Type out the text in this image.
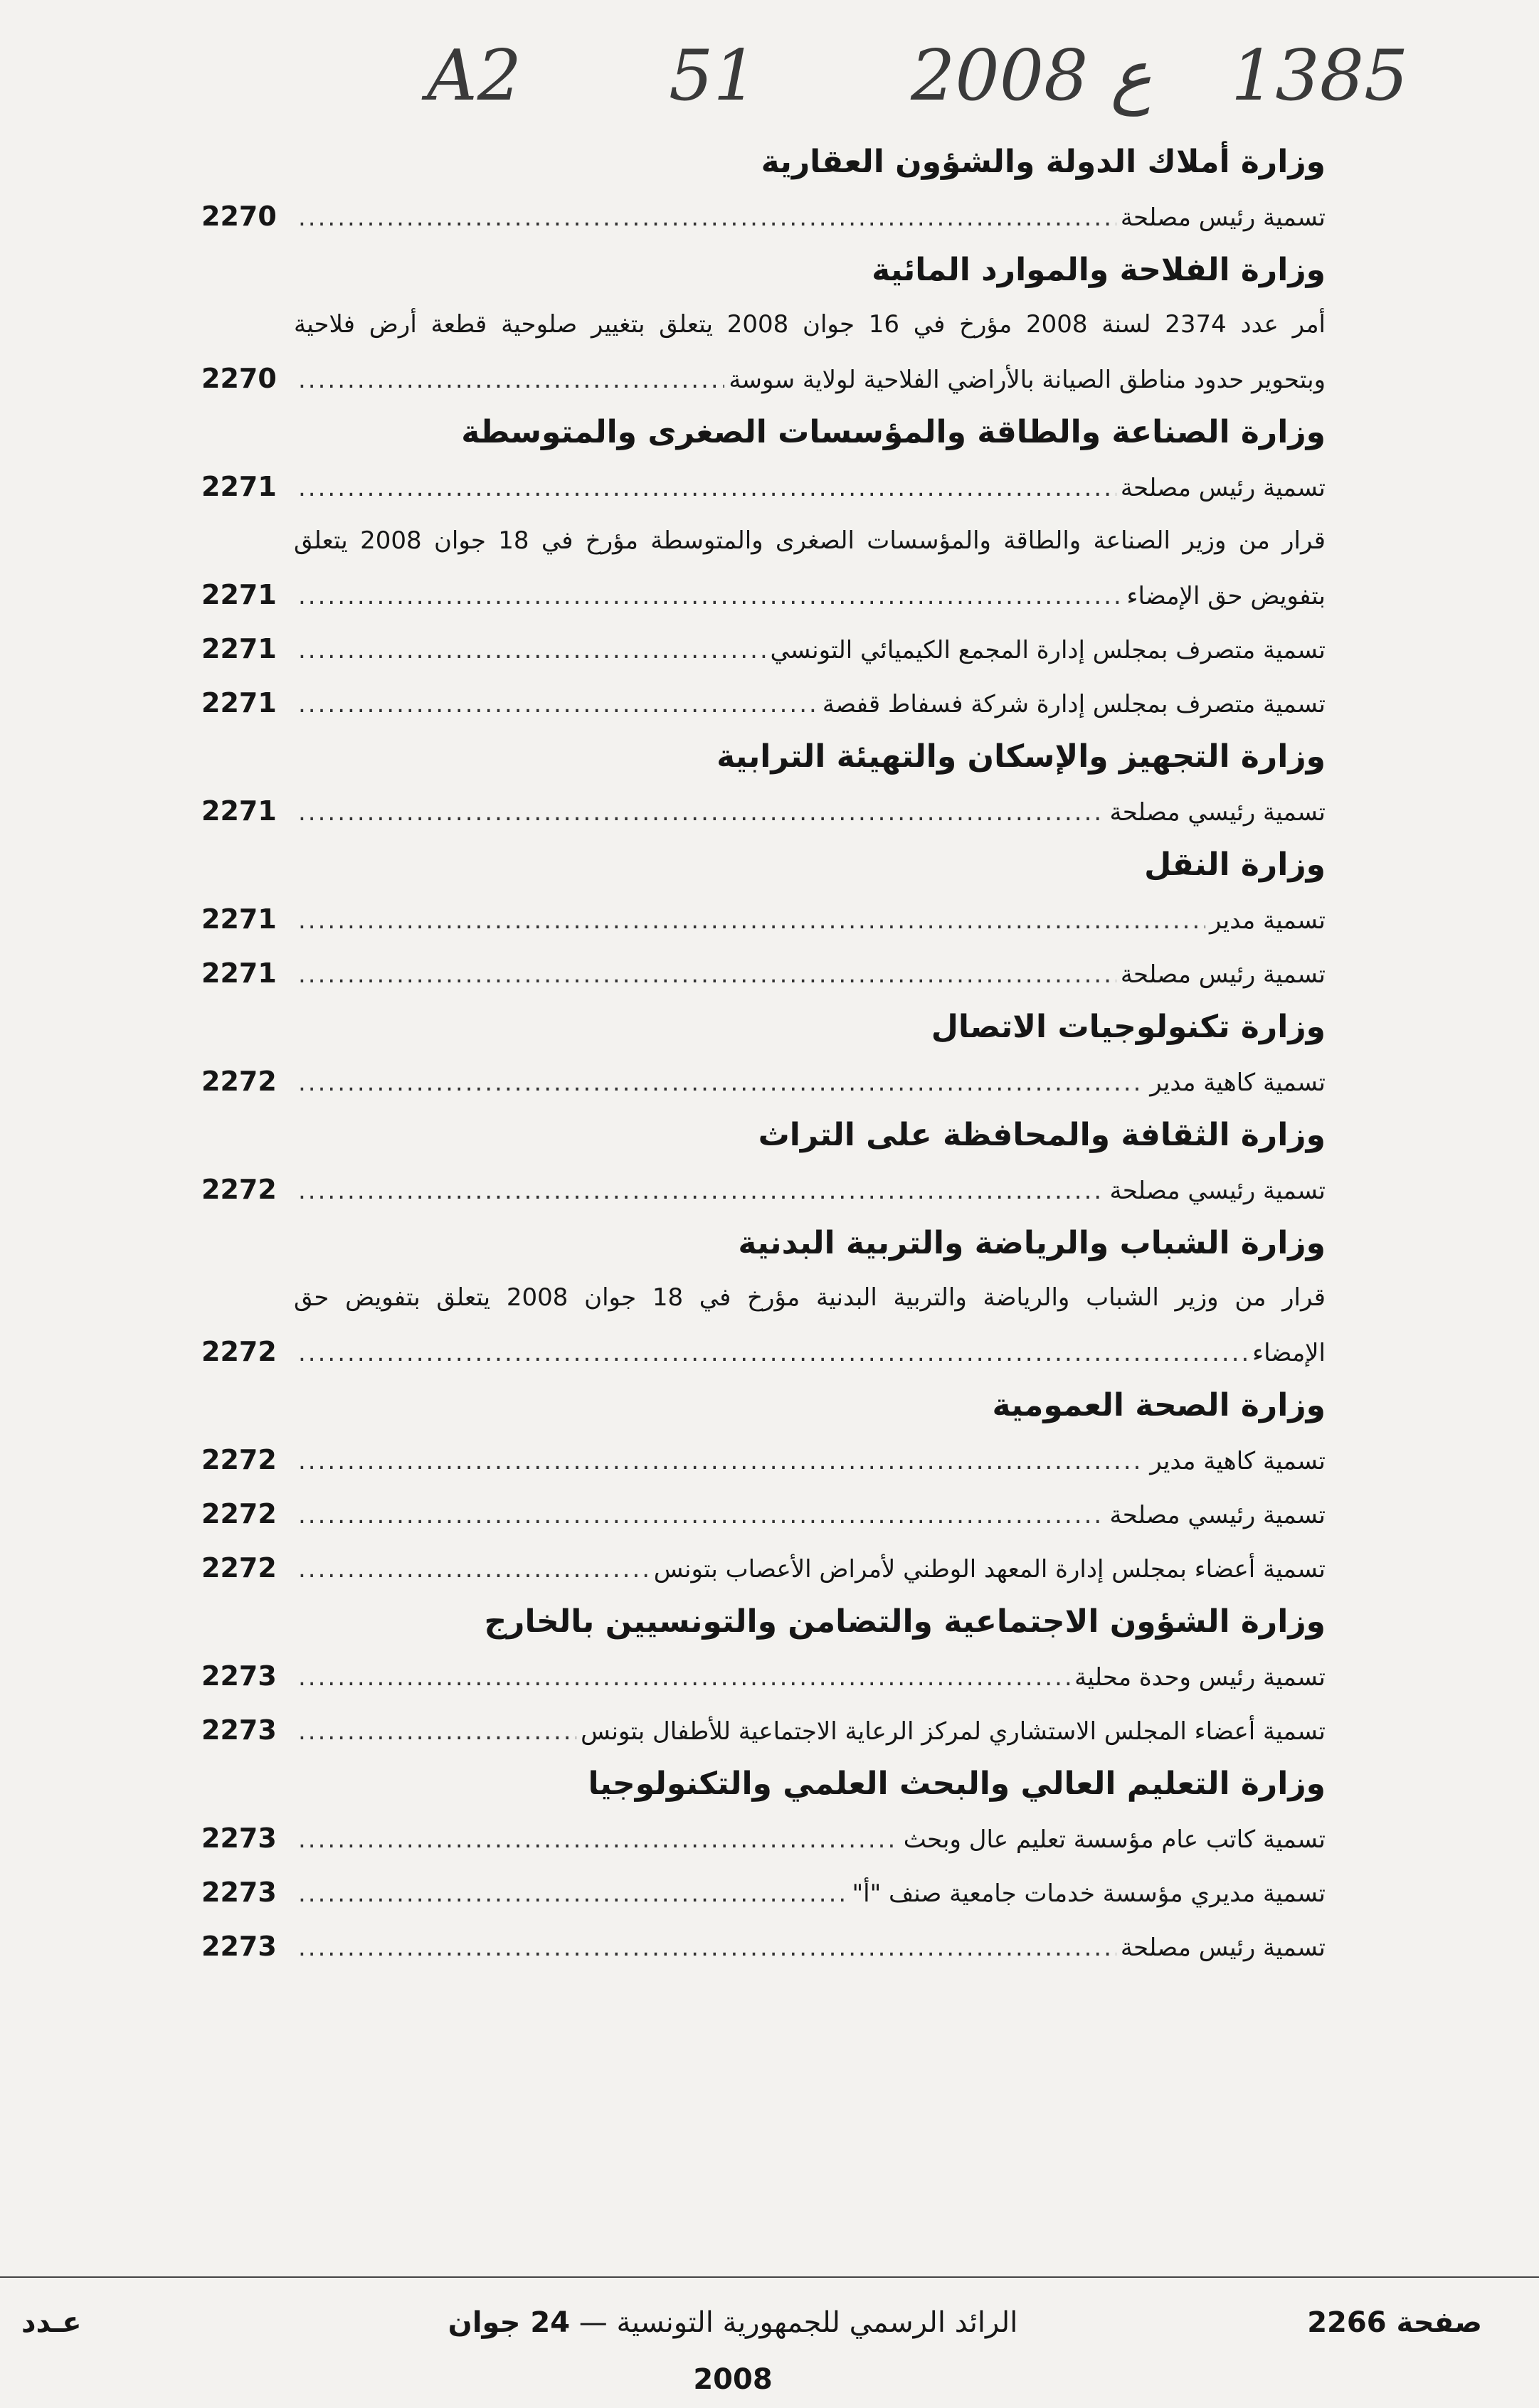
A2 51 ع 2008 1385
وزارة أملاك الدولة والشؤون العقارية
تسمية رئيس مصلحة
.....
2270
وزارة الفلاحة والموارد المائية
أمر عدد 2374 لسنة 2008 مؤرخ في 16 جوان 2008 يتعلق بتغيير صلوحية قطعة أرض فلاحية
وبتحوير حدود مناطق الصيانة بالأراضي الفلاحية لولاية سوسة
.....
2270
وزارة الصناعة والطاقة والمؤسسات الصغرى والمتوسطة
تسمية رئيس مصلحة
.....
2271
قرار من وزير الصناعة والطاقة والمؤسسات الصغرى والمتوسطة مؤرخ في 18 جوان 2008 يتعلق
بتفويض حق الإمضاء
.....
2271
تسمية متصرف بمجلس إدارة المجمع الكيميائي التونسي
.....
2271
تسمية متصرف بمجلس إدارة شركة فسفاط قفصة
.....
2271
وزارة التجهيز والإسكان والتهيئة الترابية
تسمية رئيسي مصلحة
.....
2271
وزارة النقل
تسمية مدير
.....
2271
تسمية رئيس مصلحة
.....
2271
وزارة تكنولوجيات الاتصال
تسمية كاهية مدير
.....
2272
وزارة الثقافة والمحافظة على التراث
تسمية رئيسي مصلحة
.....
2272
وزارة الشباب والرياضة والتربية البدنية
قرار من وزير الشباب والرياضة والتربية البدنية مؤرخ في 18 جوان 2008 يتعلق بتفويض حق
الإمضاء
.....
2272
وزارة الصحة العمومية
تسمية كاهية مدير
.....
2272
تسمية رئيسي مصلحة
.....
2272
تسمية أعضاء بمجلس إدارة المعهد الوطني لأمراض الأعصاب بتونس
.....
2272
وزارة الشؤون الاجتماعية والتضامن والتونسيين بالخارج
تسمية رئيس وحدة محلية
.....
2273
تسمية أعضاء المجلس الاستشاري لمركز الرعاية الاجتماعية للأطفال بتونس
.....
2273
وزارة التعليم العالي والبحث العلمي والتكنولوجيا
تسمية كاتب عام مؤسسة تعليم عال وبحث
.....
2273
تسمية مديري مؤسسة خدمات جامعية صنف "أ"
.....
2273
تسمية رئيس مصلحة
.....
2273
صفحة 2266
الرائد الرسمي للجمهورية التونسية — 24 جوان 2008
عـدد
